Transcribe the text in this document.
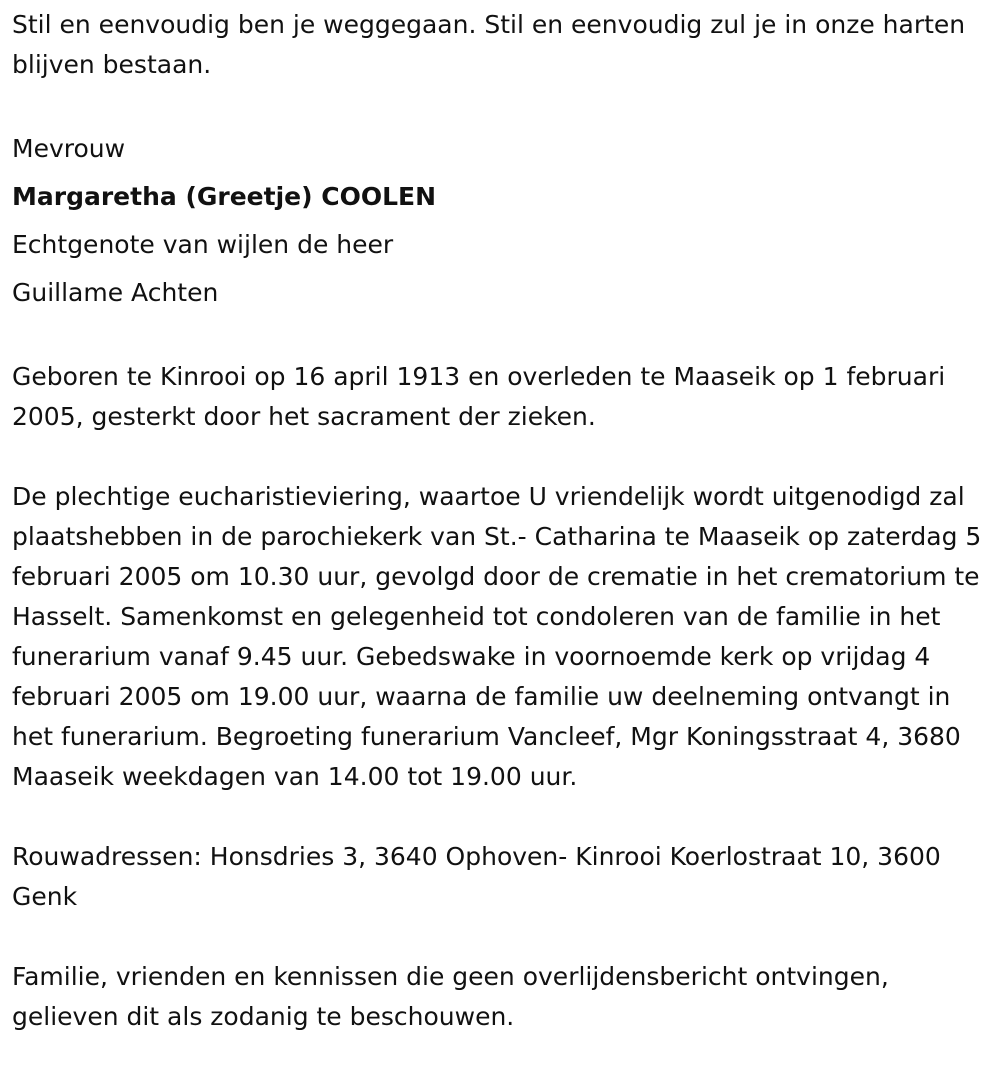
Stil en eenvoudig ben je weggegaan. Stil en eenvoudig zul je in onze harten blijven bestaan.

Mevrouw

Margaretha (Greetje) COOLEN

Echtgenote van wijlen de heer

Guillame Achten

Geboren te Kinrooi op 16 april 1913 en overleden te Maaseik op 1 februari 2005, gesterkt door het sacrament der zieken.

De plechtige eucharistieviering, waartoe U vriendelijk wordt uitgenodigd zal plaatshebben in de parochiekerk van St.- Catharina te Maaseik op zaterdag 5 februari 2005 om 10.30 uur, gevolgd door de crematie in het crematorium te Hasselt. Samenkomst en gelegenheid tot condoleren van de familie in het funerarium vanaf 9.45 uur. Gebedswake in voornoemde kerk op vrijdag 4 februari 2005 om 19.00 uur, waarna de familie uw deelneming ontvangt in het funerarium. Begroeting funerarium Vancleef, Mgr Koningsstraat 4, 3680 Maaseik weekdagen van 14.00 tot 19.00 uur.

Rouwadressen: Honsdries 3, 3640 Ophoven- Kinrooi Koerlostraat 10, 3600 Genk

Familie, vrienden en kennissen die geen overlijdensbericht ontvingen, gelieven dit als zodanig te beschouwen.
